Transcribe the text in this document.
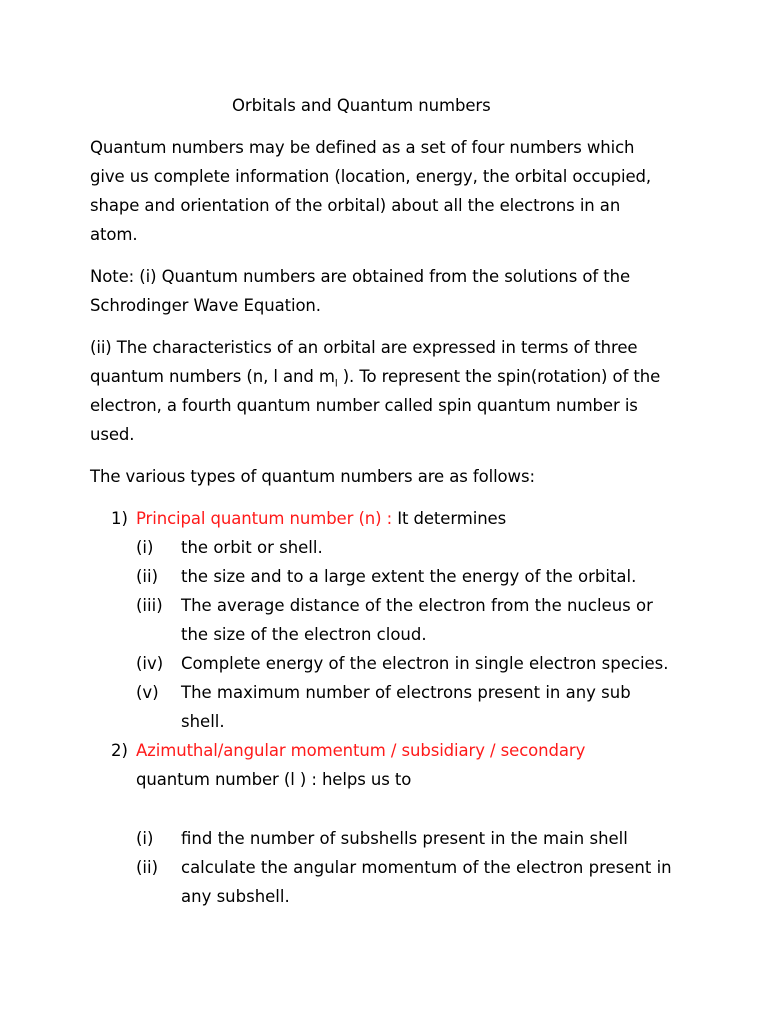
Orbitals and Quantum numbers
Quantum numbers may be defined as a set of four numbers which
give us complete information (location, energy, the orbital occupied,
shape and orientation of the orbital) about all the electrons in an
atom.
Note: (i) Quantum numbers are obtained from the solutions of the
Schrodinger Wave Equation.
(ii) The characteristics of an orbital are expressed in terms of three
quantum numbers (n, l and $m_l$ ). To represent the spin(rotation) of the
electron, a fourth quantum number called spin quantum number is
used.
The various types of quantum numbers are as follows:
1) Principal quantum number (n) : It determines
(i) the orbit or shell.
(ii) the size and to a large extent the energy of the orbital.
(iii) The average distance of the electron from the nucleus or
the size of the electron cloud.
(iv) Complete energy of the electron in single electron species.
(v) The maximum number of electrons present in any sub
shell.
2) Azimuthal/angular momentum / subsidiary / secondary
quantum number (l ) : helps us to
(i) find the number of subshells present in the main shell
(ii) calculate the angular momentum of the electron present in
any subshell.
